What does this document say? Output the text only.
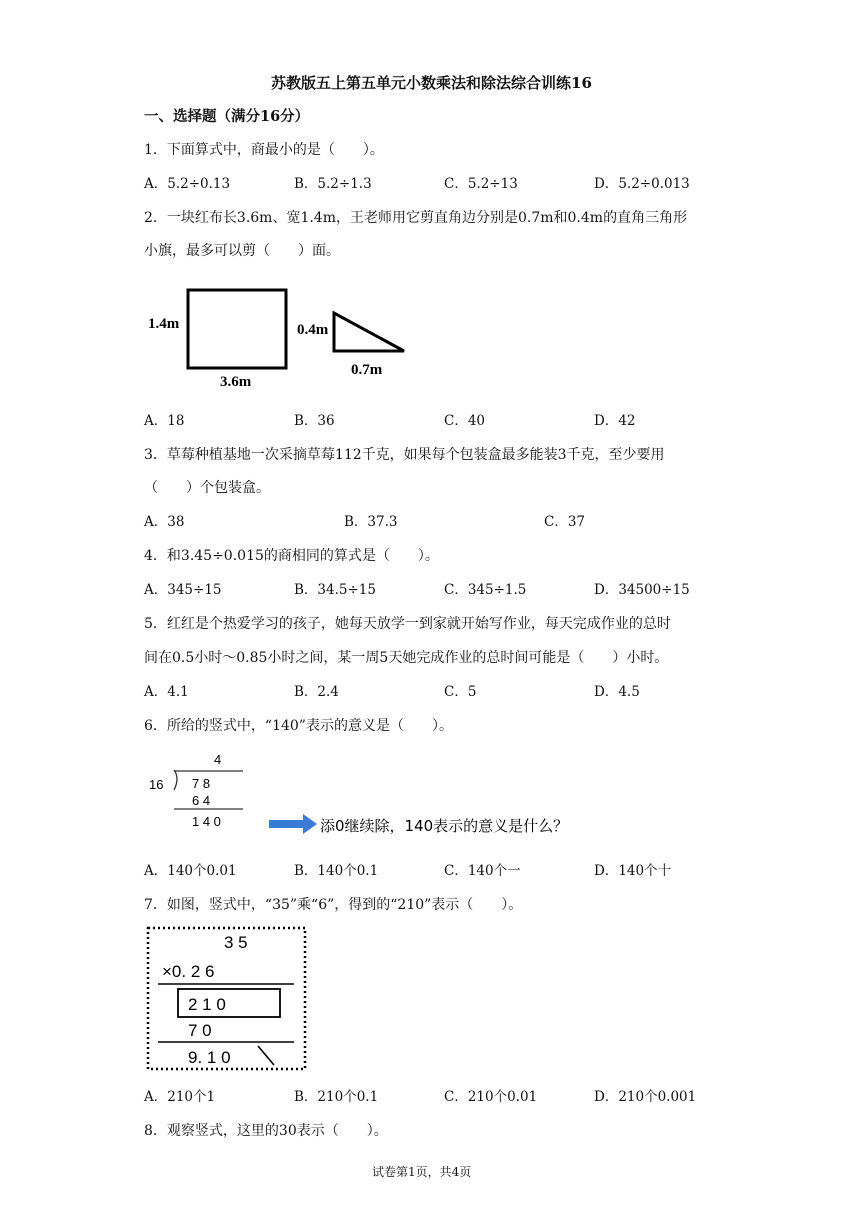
苏教版五上第五单元小数乘法和除法综合训练16
一、选择题（满分16分）
1．下面算式中，商最小的是（　　）。
A．5.2÷0.13	B．5.2÷1.3	C．5.2÷13	D．5.2÷0.013
2．一块红布长3.6m、宽1.4m，王老师用它剪直角边分别是0.7m和0.4m的直角三角形
小旗，最多可以剪（　　）面。
1.4m
3.6m
0.4m
0.7m
A．18	B．36	C．40	D．42
3．草莓种植基地一次采摘草莓112千克，如果每个包装盒最多能装3千克，至少要用
（　　）个包装盒。
A．38	B．37.3	C．37
4．和3.45÷0.015的商相同的算式是（　　）。
A．345÷15	B．34.5÷15	C．345÷1.5	D．34500÷15
5．红红是个热爱学习的孩子，她每天放学一到家就开始写作业，每天完成作业的总时
间在0.5小时～0.85小时之间，某一周5天她完成作业的总时间可能是（　　）小时。
A．4.1	B．2.4	C．5	D．4.5
6．所给的竖式中，“140”表示的意义是（　　）。
4
16 7 8
6 4
1 4 0	添0继续除，140表示的意义是什么？
A．140个0.01	B．140个0.1	C．140个一	D．140个十
7．如图，竖式中，“35”乘“6”，得到的“210”表示（　　）。
3 5
×0. 2 6
2 1 0
7 0
9. 1 0
A．210个1	B．210个0.1	C．210个0.01	D．210个0.001
8．观察竖式，这里的30表示（　　）。
试卷第1页，共4页
